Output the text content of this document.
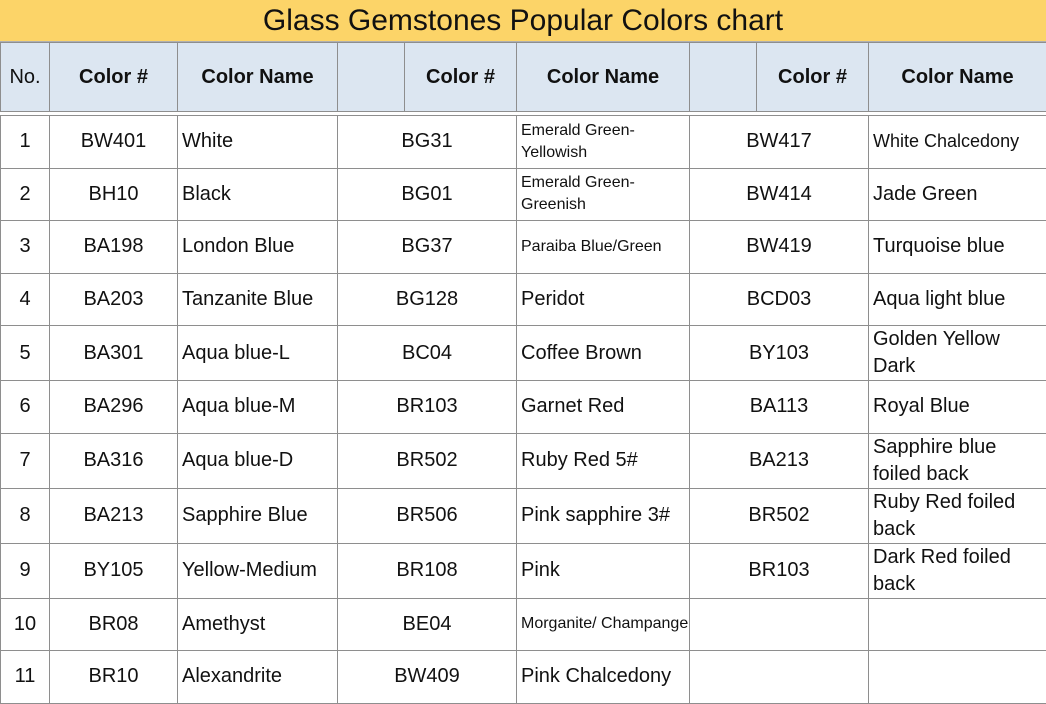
Glass Gemstones Popular Colors chart
No.	Color #	Color Name		Color #	Color Name		Color #	Color Name

1	BW401	White	BG31		Emerald Green- Yellowish	BW417		White Chalcedony
2	BH10	Black	BG01		Emerald Green- Greenish	BW414		Jade Green
3	BA198	London Blue	BG37		Paraiba Blue/Green	BW419		Turquoise blue
4	BA203	Tanzanite Blue	BG128		Peridot	BCD03		Aqua light blue
5	BA301	Aqua blue-L	BC04		Coffee Brown	BY103		Golden Yellow Dark
6	BA296	Aqua blue-M	BR103		Garnet Red	BA113		Royal Blue
7	BA316	Aqua blue-D	BR502		Ruby Red 5#	BA213		Sapphire blue foiled back
8	BA213	Sapphire Blue	BR506		Pink sapphire 3#	BR502		Ruby Red foiled back
9	BY105	Yellow-Medium	BR108		Pink	BR103		Dark Red foiled back
10	BR08	Amethyst	BE04		Morganite/ Champange			
11	BR10	Alexandrite	BW409		Pink Chalcedony			
